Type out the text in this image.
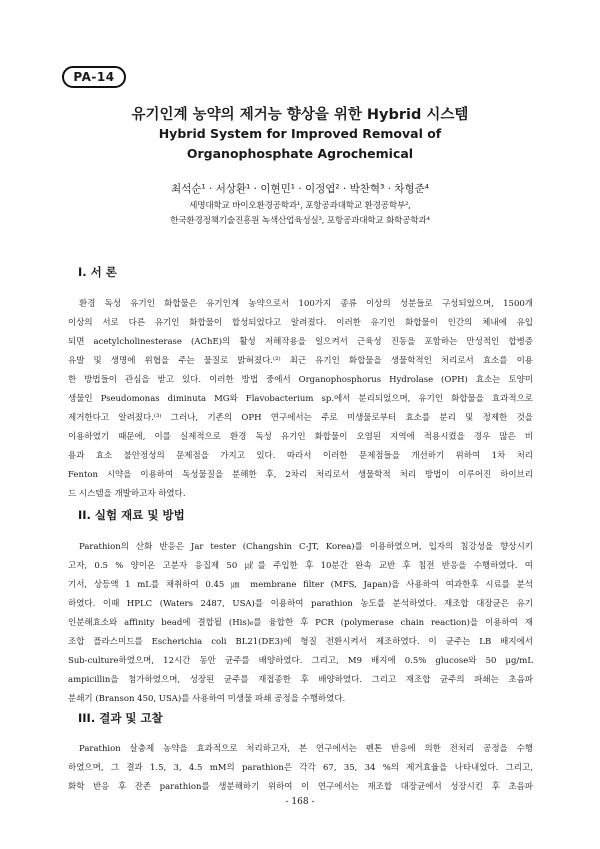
PA-14
유기인계 농약의 제거능 향상을 위한 Hybrid 시스템
Hybrid System for Improved Removal of
Organophosphate Agrochemical
최석순¹ · 서상환¹ · 이현민¹ · 이정엽² · 박찬혁³ · 차형준⁴
세명대학교 바이오환경공학과¹, 포항공과대학교 환경공학부²,
한국환경정책기술진흥원 녹색산업육성실³, 포항공과대학교 화학공학과⁴
I. 서 론
환경 독성 유기인 화합물은 유기인계 농약으로서 100가지 종류 이상의 성분들로 구성되었으며, 1500개
이상의 서로 다른 유기인 화합물이 합성되었다고 알려졌다. 이러한 유기인 화합물이 인간의 체내에 유입
되면 acetylcholinesterase (AChE)의 활성 저해작용을 일으켜서 근육성 진동을 포함하는 만성적인 합병증
유발 및 생명에 위협을 주는 물질로 밝혀졌다.⁽²⁾ 최근 유기인 화합물을 생물학적인 처리로서 효소를 이용
한 방법들이 관심을 받고 있다. 이러한 방법 중에서 Organophosphorus Hydrolase (OPH) 효소는 토양미
생물인 Pseudomonas diminuta MG와 Flavobacterium sp.에서 분리되었으며, 유기인 화합물을 효과적으로
제거한다고 알려졌다.⁽³⁾ 그러나, 기존의 OPH 연구에서는 주로 미생물로부터 효소를 분리 및 정제한 것을
이용하였기 때문에, 이를 실제적으로 환경 독성 유기인 화합물이 오염된 지역에 적용시켰을 경우 많은 비
용과 효소 불안정성의 문제점을 가지고 있다. 따라서 이러한 문제점들을 개선하기 위하여 1차 처리
Fenton 시약을 이용하여 독성물질을 분해한 후, 2차리 처리로서 생물학적 처리 방법이 이루어진 하이브리
드 시스템을 개발하고자 하였다.
II. 실험 재료 및 방법
Parathion의 산화 반응은 Jar tester (Changshin C-JT, Korea)를 이용하였으며, 입자의 침강성을 향상시키
고자, 0.5 % 양이온 고분자 응집제 50 ㎕를 주입한 후 10분간 완속 교반 후 침전 반응을 수행하였다. 여
기서, 상등액 1 mL를 채취하여 0.45 ㎛ membrane filter (MFS, Japan)을 사용하여 여과한후 시료를 분석
하였다. 이때 HPLC (Waters 2487, USA)를 이용하여 parathion 농도를 분석하였다. 재조합 대장균은 유기
인분해효소와 affinity bead에 결합될 (His)₆를 융합한 후 PCR (polymerase chain reaction)을 이용하여 재
조합 플라스미드를 Escherichia coli BL21(DE3)에 형질 전환시켜서 제조하였다. 이 균주는 LB 배지에서
Sub-culture하였으며, 12시간 동안 균주를 배양하였다. 그리고, M9 배지에 0.5% glucose와 50 μg/mL
ampicillin을 첨가하였으며, 성장된 균주를 재접종한 후 배양하였다. 그리고 재조합 균주의 파쇄는 초음파
분쇄기 (Branson 450, USA)를 사용하여 미생물 파쇄 공정을 수행하였다.
III. 결과 및 고찰
Parathion 살충제 농약을 효과적으로 처리하고자, 본 연구에서는 펜톤 반응에 의한 전처리 공정을 수행
하였으며, 그 결과 1.5, 3, 4.5 mM의 parathion은 각각 67, 35, 34 %의 제거효율을 나타내었다. 그리고,
화학 반응 후 잔존 parathion를 생분해하기 위하여 이 연구에서는 재조합 대장균에서 성장시킨 후 초음파
- 168 -
